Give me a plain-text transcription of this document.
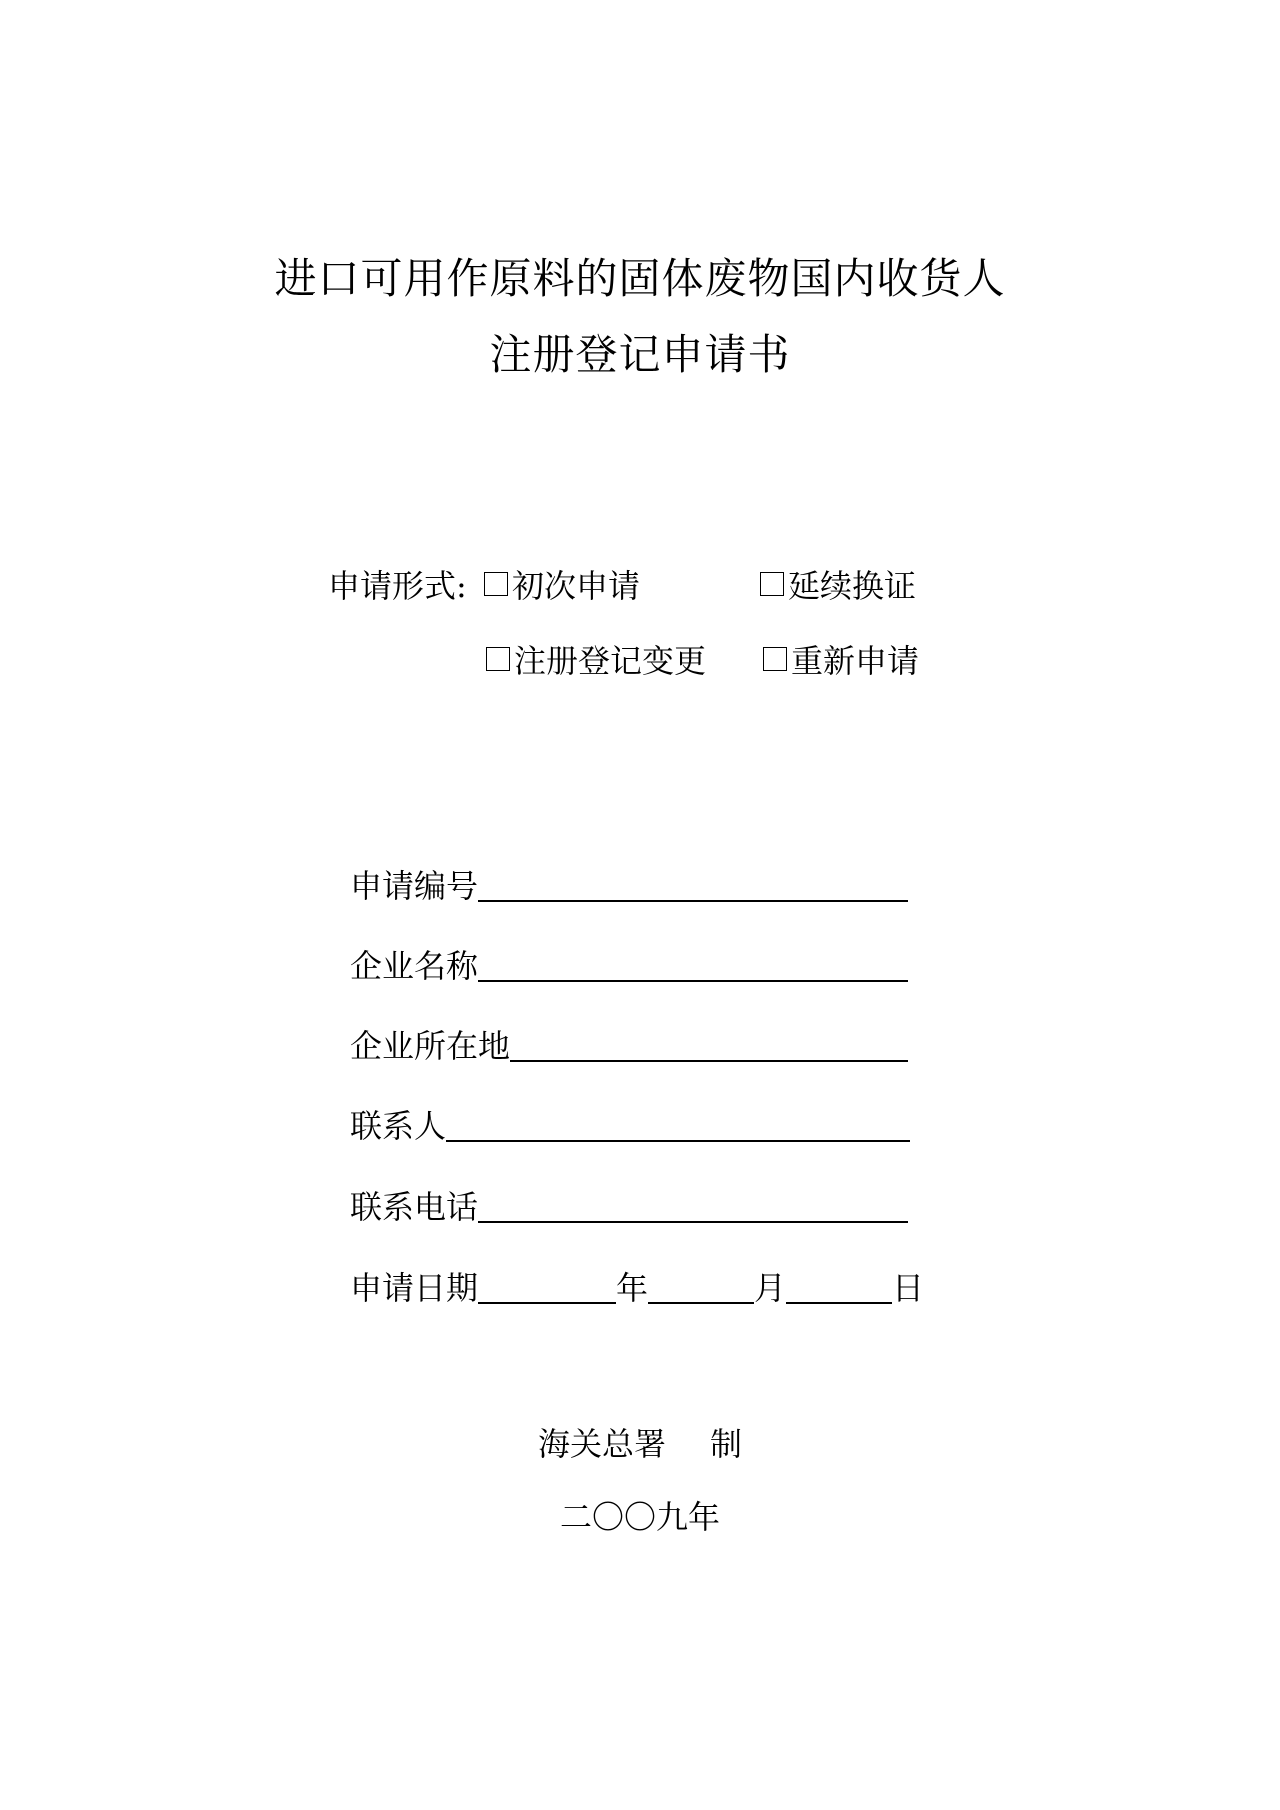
进口可用作原料的固体废物国内收货人
注册登记申请书
申请形式:	初次申请	延续换证
注册登记变更	重新申请
申请编号
企业名称
企业所在地
联系人
联系电话
申请日期	年	月	日
海关总署 制
二〇〇九年
